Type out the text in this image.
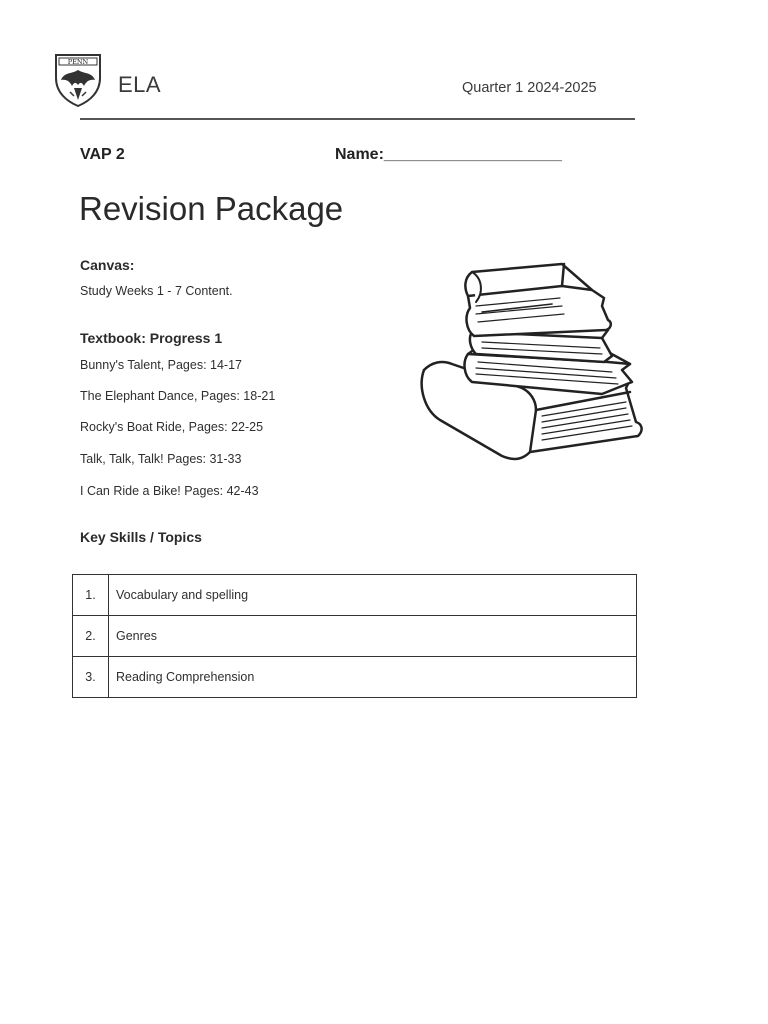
PENN
ELA	Quarter 1 2024-2025
VAP 2	Name:____________________
Revision Package
Canvas:
Study Weeks 1 - 7 Content.
Textbook: Progress 1
Bunny's Talent, Pages: 14-17
The Elephant Dance, Pages: 18-21
Rocky's Boat Ride, Pages: 22-25
Talk, Talk, Talk! Pages: 31-33
I Can Ride a Bike! Pages: 42-43
Key Skills / Topics
1.	Vocabulary and spelling
2.	Genres
3.	Reading Comprehension
